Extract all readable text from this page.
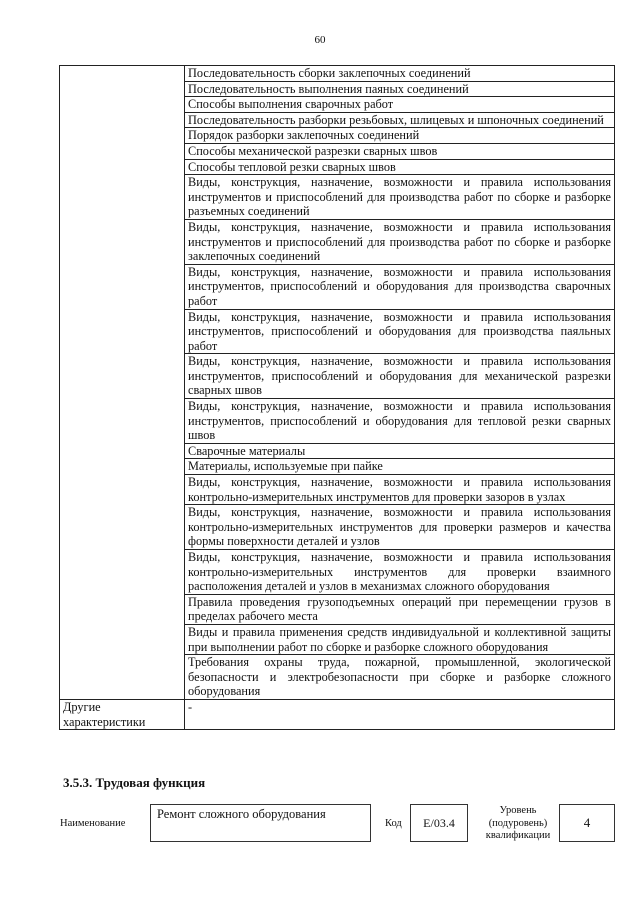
60

	Последовательность сборки заклепочных соединений

	Последовательность выполнения паяных соединений

	Способы выполнения сварочных работ

	Последовательность разборки резьбовых, шлицевых и шпоночных соединений

	Порядок разборки заклепочных соединений

	Способы механической разрезки сварных швов

	Способы тепловой резки сварных швов

	Виды, конструкция, назначение, возможности и правила использования инструментов и приспособлений для производства работ по сборке и разборке разъемных соединений

	Виды, конструкция, назначение, возможности и правила использования инструментов и приспособлений для производства работ по сборке и разборке заклепочных соединений

	Виды, конструкция, назначение, возможности и правила использования инструментов, приспособлений и оборудования для производства сварочных работ

	Виды, конструкция, назначение, возможности и правила использования инструментов, приспособлений и оборудования для производства паяльных работ

	Виды, конструкция, назначение, возможности и правила использования инструментов, приспособлений и оборудования для механической разрезки сварных швов

	Виды, конструкция, назначение, возможности и правила использования инструментов, приспособлений и оборудования для тепловой резки сварных швов

	Сварочные материалы

	Материалы, используемые при пайке

	Виды, конструкция, назначение, возможности и правила использования контрольно-измерительных инструментов для проверки зазоров в узлах

	Виды, конструкция, назначение, возможности и правила использования контрольно-измерительных инструментов для проверки размеров и качества формы поверхности деталей и узлов

	Виды, конструкция, назначение, возможности и правила использования контрольно-измерительных инструментов для проверки взаимного расположения деталей и узлов в механизмах сложного оборудования

	Правила проведения грузоподъемных операций при перемещении грузов в пределах рабочего места

	Виды и правила применения средств индивидуальной и коллективной защиты при выполнении работ по сборке и разборке сложного оборудования

	Требования охраны труда, пожарной, промышленной, экологической безопасности и электробезопасности при сборке и разборке сложного оборудования

Другие характеристики	-
3.5.3. Трудовая функция
Наименование
Ремонт сложного оборудования
Код	E/03.4
Уровень (подуровень) квалификации
4
